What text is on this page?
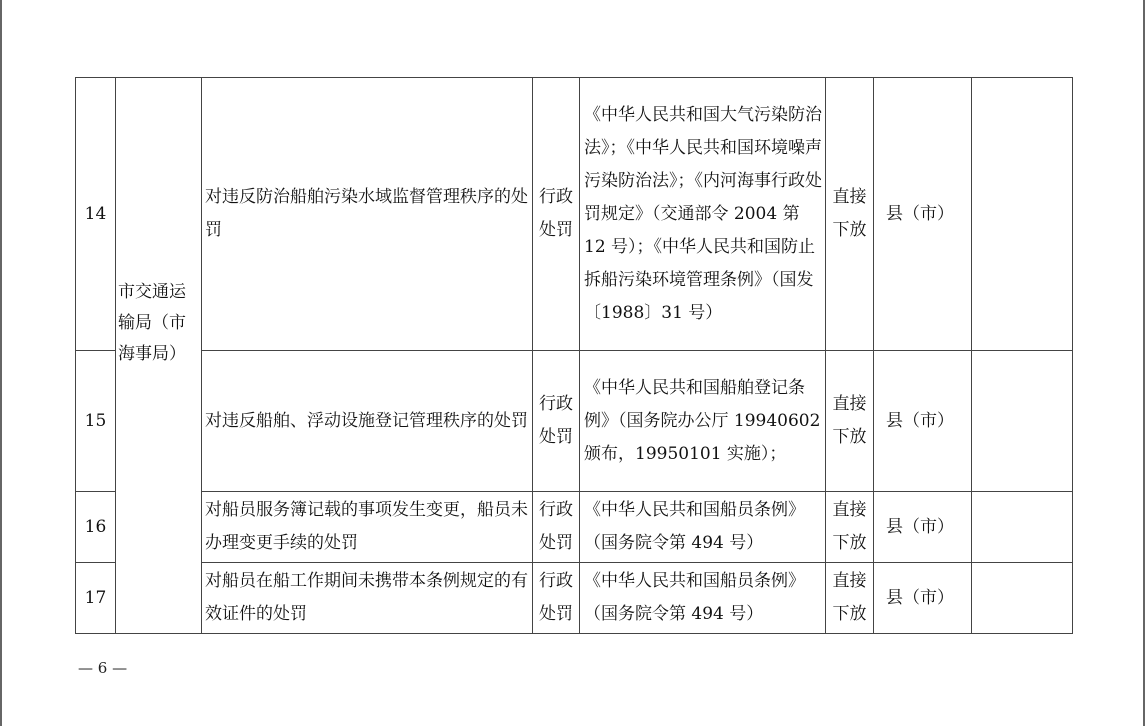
14	市交通运输局（市海事局）	对违反防治船舶污染水域监督管理秩序的处罚	行政处罚	《中华人民共和国大气污染防治法》；《中华人民共和国环境噪声污染防治法》；《内河海事行政处罚规定》（交通部令 2004 第 12 号）；《中华人民共和国防止拆船污染环境管理条例》（国发〔1988〕31 号）	直接下放	县（市）	
15		对违反船舶、浮动设施登记管理秩序的处罚	行政处罚	《中华人民共和国船舶登记条例》（国务院办公厅 19940602 颁布，19950101 实施）；	直接下放	县（市）	
16		对船员服务簿记载的事项发生变更，船员未办理变更手续的处罚	行政处罚	《中华人民共和国船员条例》（国务院令第 494 号）	直接下放	县（市）	
17		对船员在船工作期间未携带本条例规定的有效证件的处罚	行政处罚	《中华人民共和国船员条例》（国务院令第 494 号）	直接下放	县（市）	
— 6 —
